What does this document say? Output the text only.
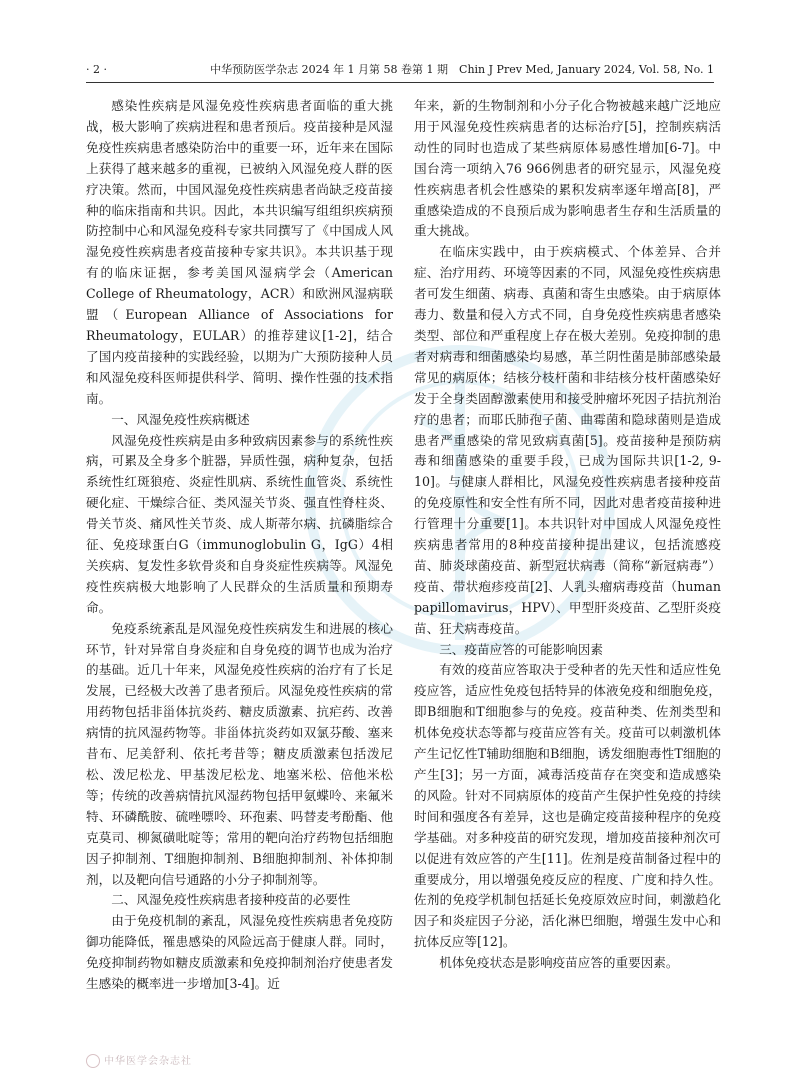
· 2 ·	中华预防医学杂志 2024 年 1 月第 58 卷第 1 期　Chin J Prev Med, January 2024, Vol. 58, No. 1

感染性疾病是风湿免疫性疾病患者面临的重大挑战，极大影响了疾病进程和患者预后。疫苗接种是风湿免疫性疾病患者感染防治中的重要一环，近年来在国际上获得了越来越多的重视，已被纳入风湿免疫人群的医疗决策。然而，中国风湿免疫性疾病患者尚缺乏疫苗接种的临床指南和共识。因此，本共识编写组组织疾病预防控制中心和风湿免疫科专家共同撰写了《中国成人风湿免疫性疾病患者疫苗接种专家共识》。本共识基于现有的临床证据，参考美国风湿病学会（American College of Rheumatology，ACR）和欧洲风湿病联盟（European Alliance of Associations for Rheumatology，EULAR）的推荐建议[1-2]，结合了国内疫苗接种的实践经验，以期为广大预防接种人员和风湿免疫科医师提供科学、简明、操作性强的技术指南。

一、风湿免疫性疾病概述

风湿免疫性疾病是由多种致病因素参与的系统性疾病，可累及全身多个脏器，异质性强，病种复杂，包括系统性红斑狼疮、炎症性肌病、系统性血管炎、系统性硬化症、干燥综合征、类风湿关节炎、强直性脊柱炎、骨关节炎、痛风性关节炎、成人斯蒂尔病、抗磷脂综合征、免疫球蛋白G（immunoglobulin G，IgG）4相关疾病、复发性多软骨炎和自身炎症性疾病等。风湿免疫性疾病极大地影响了人民群众的生活质量和预期寿命。

免疫系统紊乱是风湿免疫性疾病发生和进展的核心环节，针对异常自身炎症和自身免疫的调节也成为治疗的基础。近几十年来，风湿免疫性疾病的治疗有了长足发展，已经极大改善了患者预后。风湿免疫性疾病的常用药物包括非甾体抗炎药、糖皮质激素、抗疟药、改善病情的抗风湿药物等。非甾体抗炎药如双氯芬酸、塞来昔布、尼美舒利、依托考昔等；糖皮质激素包括泼尼松、泼尼松龙、甲基泼尼松龙、地塞米松、倍他米松等；传统的改善病情抗风湿药物包括甲氨蝶呤、来氟米特、环磷酰胺、硫唑嘌呤、环孢素、吗替麦考酚酯、他克莫司、柳氮磺吡啶等；常用的靶向治疗药物包括细胞因子抑制剂、T细胞抑制剂、B细胞抑制剂、补体抑制剂，以及靶向信号通路的小分子抑制剂等。

二、风湿免疫性疾病患者接种疫苗的必要性

由于免疫机制的紊乱，风湿免疫性疾病患者免疫防御功能降低，罹患感染的风险远高于健康人群。同时，免疫抑制药物如糖皮质激素和免疫抑制剂治疗使患者发生感染的概率进一步增加[3-4]。近

年来，新的生物制剂和小分子化合物被越来越广泛地应用于风湿免疫性疾病患者的达标治疗[5]，控制疾病活动性的同时也造成了某些病原体易感性增加[6-7]。中国台湾一项纳入76 966例患者的研究显示，风湿免疫性疾病患者机会性感染的累积发病率逐年增高[8]，严重感染造成的不良预后成为影响患者生存和生活质量的重大挑战。

在临床实践中，由于疾病模式、个体差异、合并症、治疗用药、环境等因素的不同，风湿免疫性疾病患者可发生细菌、病毒、真菌和寄生虫感染。由于病原体毒力、数量和侵入方式不同，自身免疫性疾病患者感染类型、部位和严重程度上存在极大差别。免疫抑制的患者对病毒和细菌感染均易感，革兰阴性菌是肺部感染最常见的病原体；结核分枝杆菌和非结核分枝杆菌感染好发于全身类固醇激素使用和接受肿瘤坏死因子拮抗剂治疗的患者；而耶氏肺孢子菌、曲霉菌和隐球菌则是造成患者严重感染的常见致病真菌[5]。疫苗接种是预防病毒和细菌感染的重要手段，已成为国际共识[1-2, 9-10]。与健康人群相比，风湿免疫性疾病患者接种疫苗的免疫原性和安全性有所不同，因此对患者疫苗接种进行管理十分重要[1]。本共识针对中国成人风湿免疫性疾病患者常用的8种疫苗接种提出建议，包括流感疫苗、肺炎球菌疫苗、新型冠状病毒（简称“新冠病毒”）疫苗、带状疱疹疫苗[2]、人乳头瘤病毒疫苗（human papillomavirus，HPV）、甲型肝炎疫苗、乙型肝炎疫苗、狂犬病毒疫苗。

三、疫苗应答的可能影响因素

有效的疫苗应答取决于受种者的先天性和适应性免疫应答，适应性免疫包括特异的体液免疫和细胞免疫，即B细胞和T细胞参与的免疫。疫苗种类、佐剂类型和机体免疫状态等都与疫苗应答有关。疫苗可以刺激机体产生记忆性T辅助细胞和B细胞，诱发细胞毒性T细胞的产生[3]；另一方面，减毒活疫苗存在突变和造成感染的风险。针对不同病原体的疫苗产生保护性免疫的持续时间和强度各有差异，这也是确定疫苗接种程序的免疫学基础。对多种疫苗的研究发现，增加疫苗接种剂次可以促进有效应答的产生[11]。佐剂是疫苗制备过程中的重要成分，用以增强免疫反应的程度、广度和持久性。佐剂的免疫学机制包括延长免疫原效应时间，刺激趋化因子和炎症因子分泌，活化淋巴细胞，增强生发中心和抗体反应等[12]。

机体免疫状态是影响疫苗应答的重要因素。

中华医学会杂志社
